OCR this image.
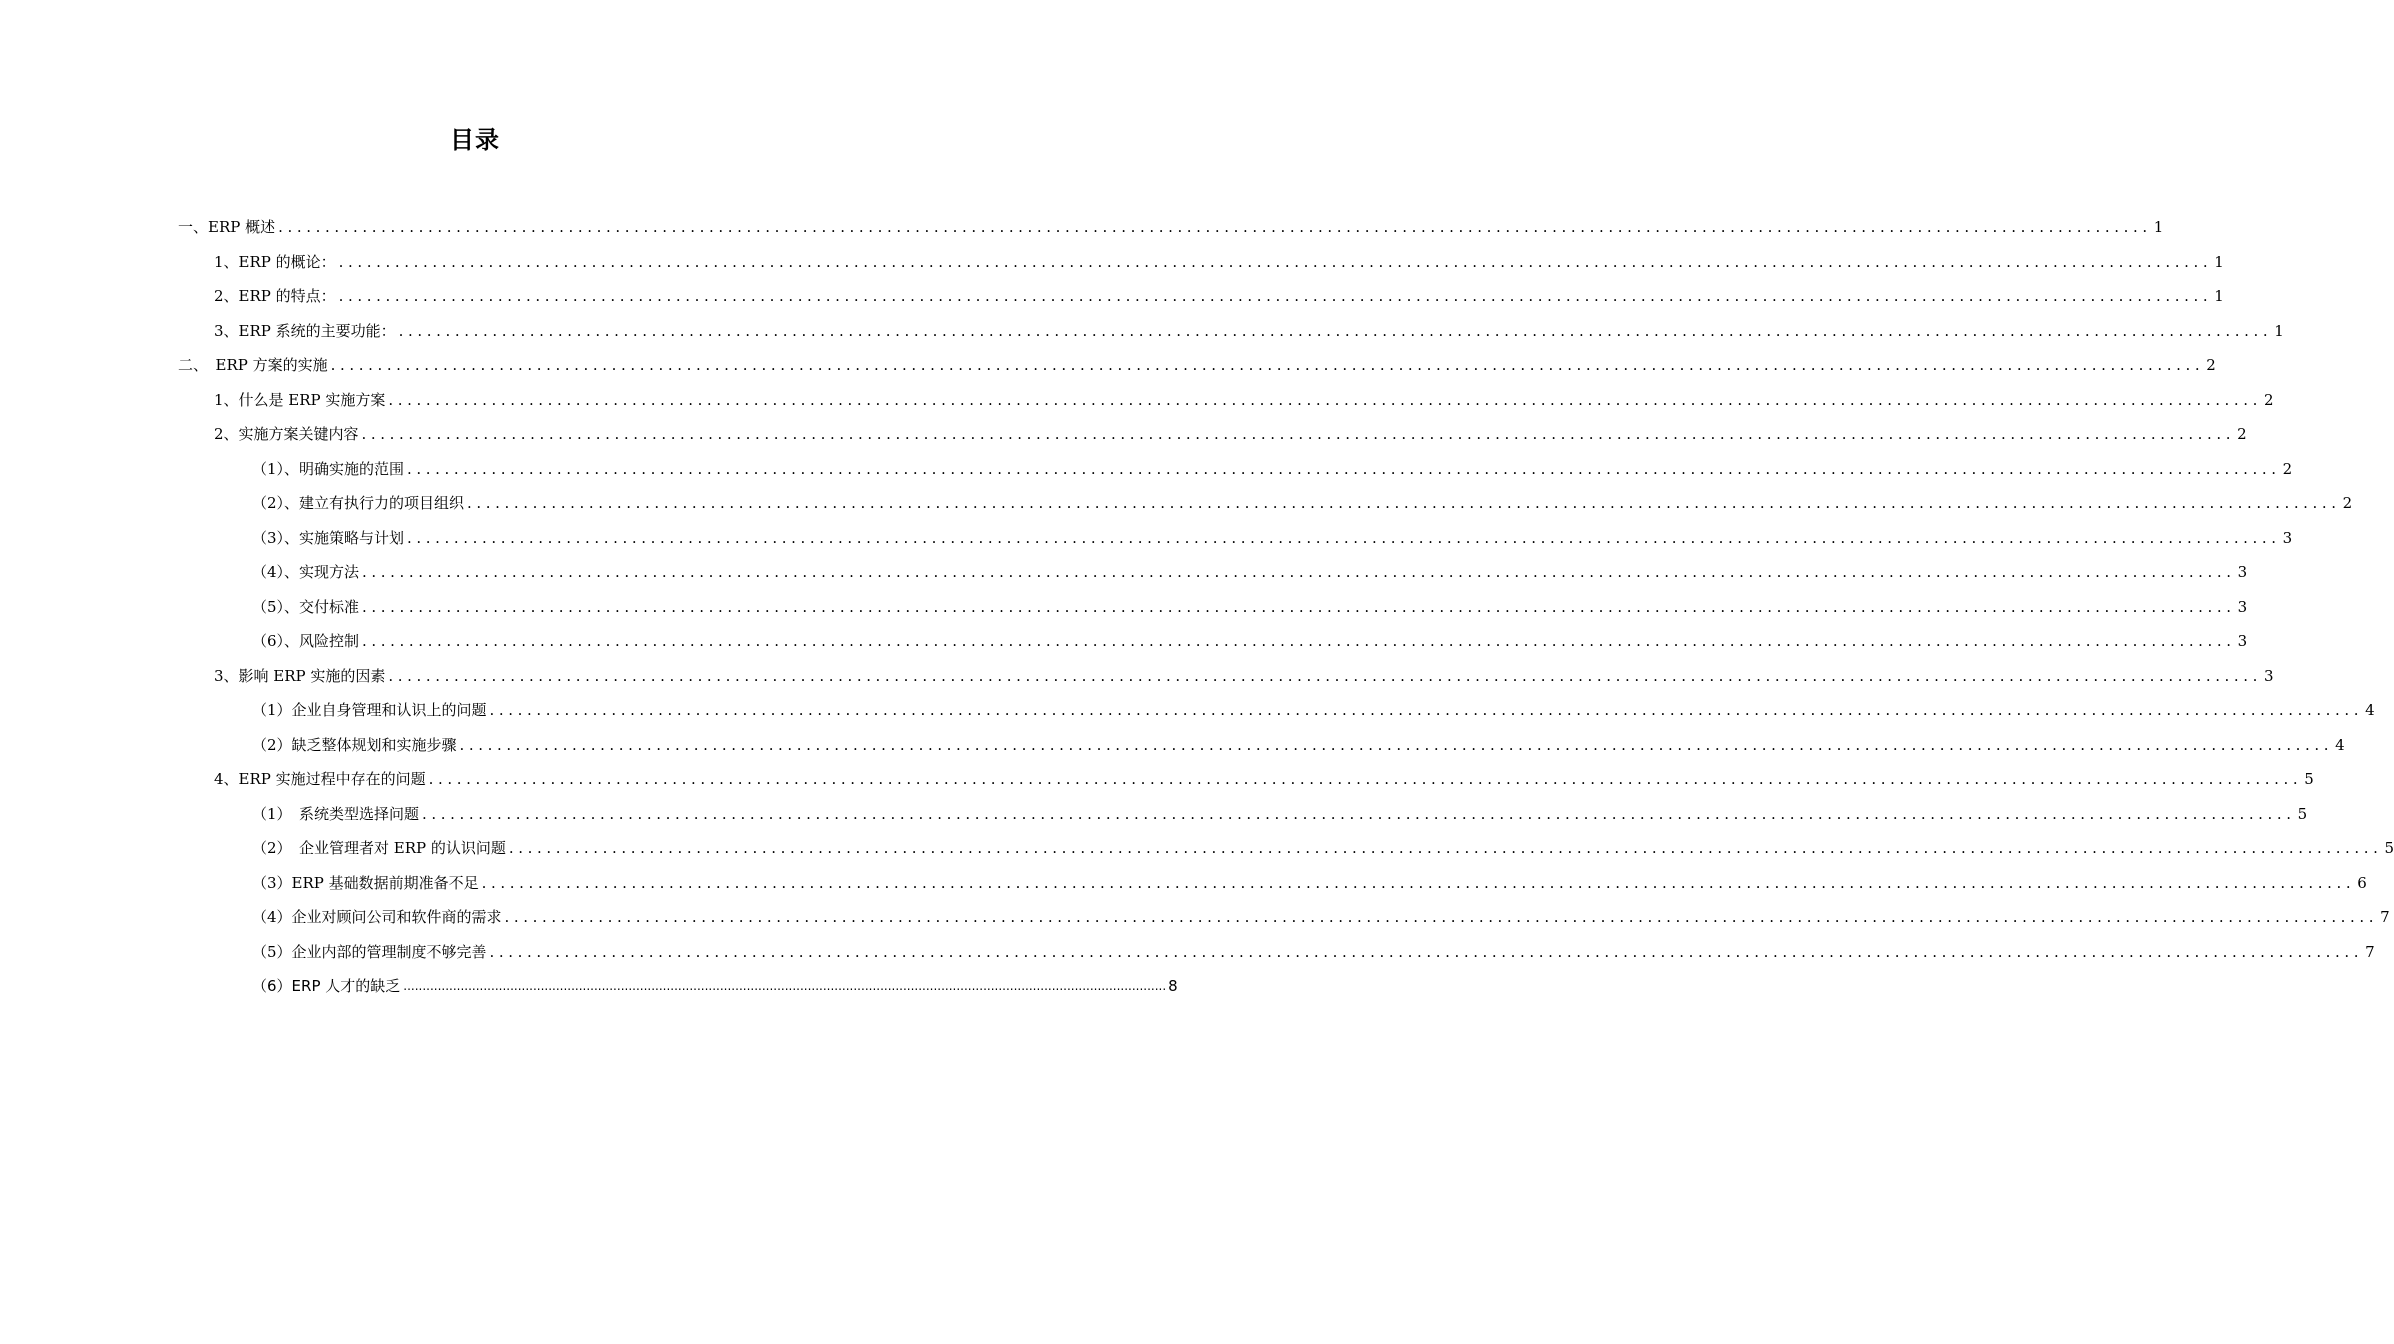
目录
一、ERP 概述 ........................................................................................................................................................................................................ 1
1、ERP 的概论： ........................................................................................................................................................................................................ 1
2、ERP 的特点： ........................................................................................................................................................................................................ 1
3、ERP 系统的主要功能： ........................................................................................................................................................................................................ 1
二、　ERP 方案的实施 ........................................................................................................................................................................................................ 2
1、什么是 ERP 实施方案 ........................................................................................................................................................................................................ 2
2、实施方案关键内容 ........................................................................................................................................................................................................ 2
（1）、明确实施的范围 ........................................................................................................................................................................................................ 2
（2）、建立有执行力的项目组织 ........................................................................................................................................................................................................ 2
（3）、实施策略与计划 ........................................................................................................................................................................................................ 3
（4）、实现方法 ........................................................................................................................................................................................................ 3
（5）、交付标准 ........................................................................................................................................................................................................ 3
（6）、风险控制 ........................................................................................................................................................................................................ 3
3、影响 ERP 实施的因素 ........................................................................................................................................................................................................ 3
（1）企业自身管理和认识上的问题 ........................................................................................................................................................................................................ 4
（2）缺乏整体规划和实施步骤 ........................................................................................................................................................................................................ 4
4、ERP 实施过程中存在的问题 ........................................................................................................................................................................................................ 5
（1）　系统类型选择问题 ........................................................................................................................................................................................................ 5
（2）　企业管理者对 ERP 的认识问题 ........................................................................................................................................................................................................ 5
（3）ERP 基础数据前期准备不足 ........................................................................................................................................................................................................ 6
（4）企业对顾问公司和软件商的需求 ........................................................................................................................................................................................................ 7
（5）企业内部的管理制度不够完善 ........................................................................................................................................................................................................ 7
（6）ERP 人才的缺乏 ........................................................................................................................................................................................................ 8
